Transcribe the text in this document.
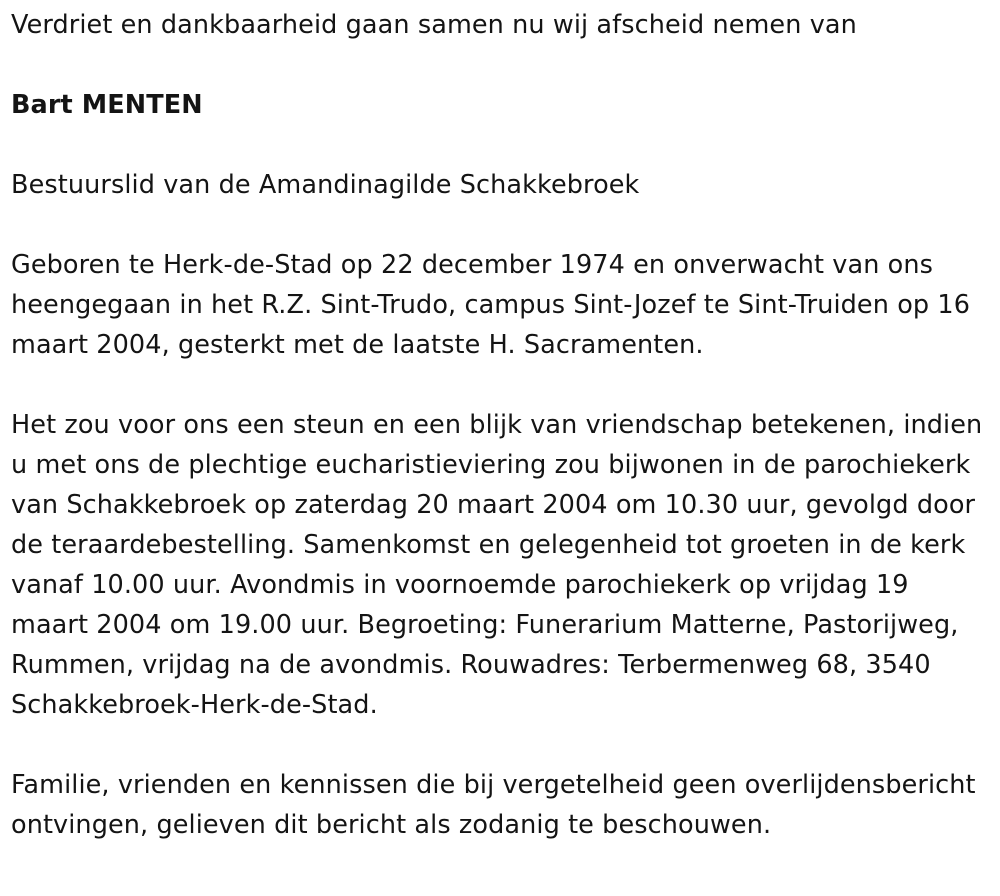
Verdriet en dankbaarheid gaan samen nu wij afscheid nemen van

Bart MENTEN

Bestuurslid van de Amandinagilde Schakkebroek

Geboren te Herk-de-Stad op 22 december 1974 en onverwacht van ons heengegaan in het R.Z. Sint-Trudo, campus Sint-Jozef te Sint-Truiden op 16 maart 2004, gesterkt met de laatste H. Sacramenten.

Het zou voor ons een steun en een blijk van vriendschap betekenen, indien u met ons de plechtige eucharistieviering zou bijwonen in de parochiekerk van Schakkebroek op zaterdag 20 maart 2004 om 10.30 uur, gevolgd door de teraardebestelling. Samenkomst en gelegenheid tot groeten in de kerk vanaf 10.00 uur. Avondmis in voornoemde parochiekerk op vrijdag 19 maart 2004 om 19.00 uur. Begroeting: Funerarium Matterne, Pastorijweg, Rummen, vrijdag na de avondmis. Rouwadres: Terbermenweg 68, 3540 Schakkebroek-Herk-de-Stad.

Familie, vrienden en kennissen die bij vergetelheid geen overlijdensbericht ontvingen, gelieven dit bericht als zodanig te beschouwen.
